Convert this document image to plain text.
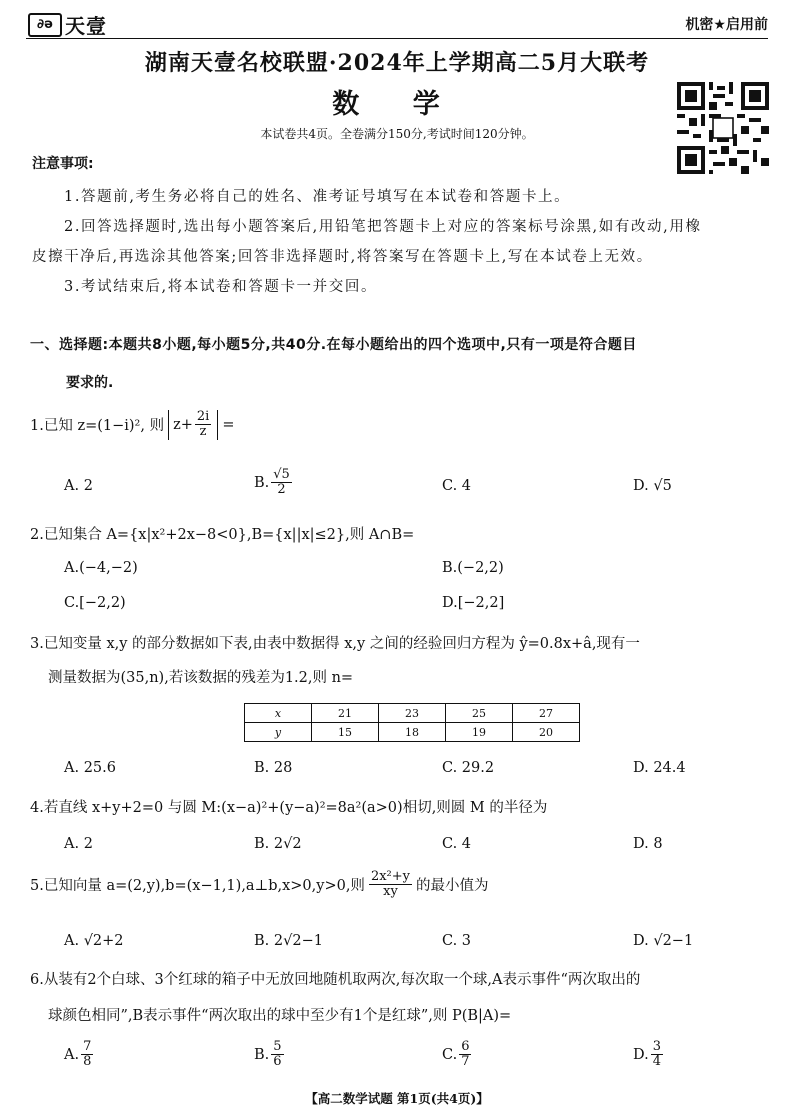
∂ǝ 天壹	机密★启用前
湖南天壹名校联盟·2024年上学期高二5月大联考
数 学
本试卷共4页。全卷满分150分,考试时间120分钟。
注意事项:
1.答题前,考生务必将自己的姓名、准考证号填写在本试卷和答题卡上。
2.回答选择题时,选出每小题答案后,用铅笔把答题卡上对应的答案标号涂黑,如有改动,用橡
皮擦干净后,再选涂其他答案;回答非选择题时,将答案写在答题卡上,写在本试卷上无效。
3.考试结束后,将本试卷和答题卡一并交回。
一、选择题:本题共8小题,每小题5分,共40分.在每小题给出的四个选项中,只有一项是符合题目
要求的.
1.已知 z=(1−i)², 则 $z+ \frac{2i}{z}$ =
A. 2	B. $\frac{√5}{2}$	C. 4	D. √5
2.已知集合 A={x|x²+2x−8<0},B={x||x|≤2},则 A∩B=
A.(−4,−2)	B.(−2,2)
C.[−2,2)	D.[−2,2]
3.已知变量 x,y 的部分数据如下表,由表中数据得 x,y 之间的经验回归方程为 ŷ=0.8x+â,现有一
测量数据为(35,n),若该数据的残差为1.2,则 n=
x	21	23	25	27
y	15	18	19	20
A. 25.6	B. 28	C. 29.2	D. 24.4
4.若直线 x+y+2=0 与圆 M:(x−a)²+(y−a)²=8a²(a>0)相切,则圆 M 的半径为
A. 2	B. 2√2	C. 4	D. 8
5.已知向量 a=(2,y),b=(x−1,1),a⊥b,x>0,y>0,则 $\frac{\text{2x²+y}}{xy}$ 的最小值为
A. √2+2	B. 2√2−1	C. 3	D. √2−1
6.从装有2个白球、3个红球的箱子中无放回地随机取两次,每次取一个球,A表示事件“两次取出的
球颜色相同”,B表示事件“两次取出的球中至少有1个是红球”,则 P(B|A)=
A. $\frac{7}{8}$	B. $\frac{5}{6}$	C. $\frac{6}{7}$	D. $\frac{3}{4}$
【高二数学试题 第1页(共4页)】
